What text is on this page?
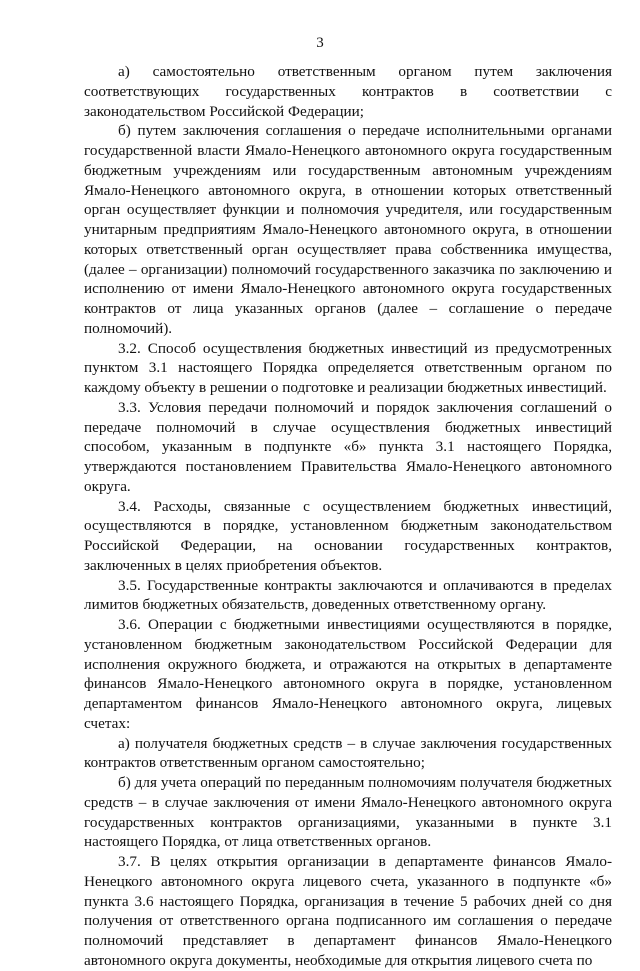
3

а) самостоятельно ответственным органом путем заключения соответствующих государственных контрактов в соответствии с законодательством Российской Федерации;

б) путем заключения соглашения о передаче исполнительными органами государственной власти Ямало-Ненецкого автономного округа государственным бюджетным учреждениям или государственным автономным учреждениям Ямало-Ненецкого автономного округа, в отношении которых ответственный орган осуществляет функции и полномочия учредителя, или государственным унитарным предприятиям Ямало-Ненецкого автономного округа, в отношении которых ответственный орган осуществляет права собственника имущества, (далее – организации) полномочий государственного заказчика по заключению и исполнению от имени Ямало-Ненецкого автономного округа государственных контрактов от лица указанных органов (далее – соглашение о передаче полномочий).

3.2. Способ осуществления бюджетных инвестиций из предусмотренных пунктом 3.1 настоящего Порядка определяется ответственным органом по каждому объекту в решении о подготовке и реализации бюджетных инвестиций.

3.3. Условия передачи полномочий и порядок заключения соглашений о передаче полномочий в случае осуществления бюджетных инвестиций способом, указанным в подпункте «б» пункта 3.1 настоящего Порядка, утверждаются постановлением Правительства Ямало-Ненецкого автономного округа.

3.4. Расходы, связанные с осуществлением бюджетных инвестиций, осуществляются в порядке, установленном бюджетным законодательством Российской Федерации, на основании государственных контрактов, заключенных в целях приобретения объектов.

3.5. Государственные контракты заключаются и оплачиваются в пределах лимитов бюджетных обязательств, доведенных ответственному органу.

3.6. Операции с бюджетными инвестициями осуществляются в порядке, установленном бюджетным законодательством Российской Федерации для исполнения окружного бюджета, и отражаются на открытых в департаменте финансов Ямало-Ненецкого автономного округа в порядке, установленном департаментом финансов Ямало-Ненецкого автономного округа, лицевых счетах:

а) получателя бюджетных средств – в случае заключения государственных контрактов ответственным органом самостоятельно;

б) для учета операций по переданным полномочиям получателя бюджетных средств – в случае заключения от имени Ямало-Ненецкого автономного округа государственных контрактов организациями, указанными в пункте 3.1 настоящего Порядка, от лица ответственных органов.

3.7. В целях открытия организации в департаменте финансов Ямало-Ненецкого автономного округа лицевого счета, указанного в подпункте «б» пункта 3.6 настоящего Порядка, организация в течение 5 рабочих дней со дня получения от ответственного органа подписанного им соглашения о передаче полномочий представляет в департамент финансов Ямало-Ненецкого автономного округа документы, необходимые для открытия лицевого счета по
